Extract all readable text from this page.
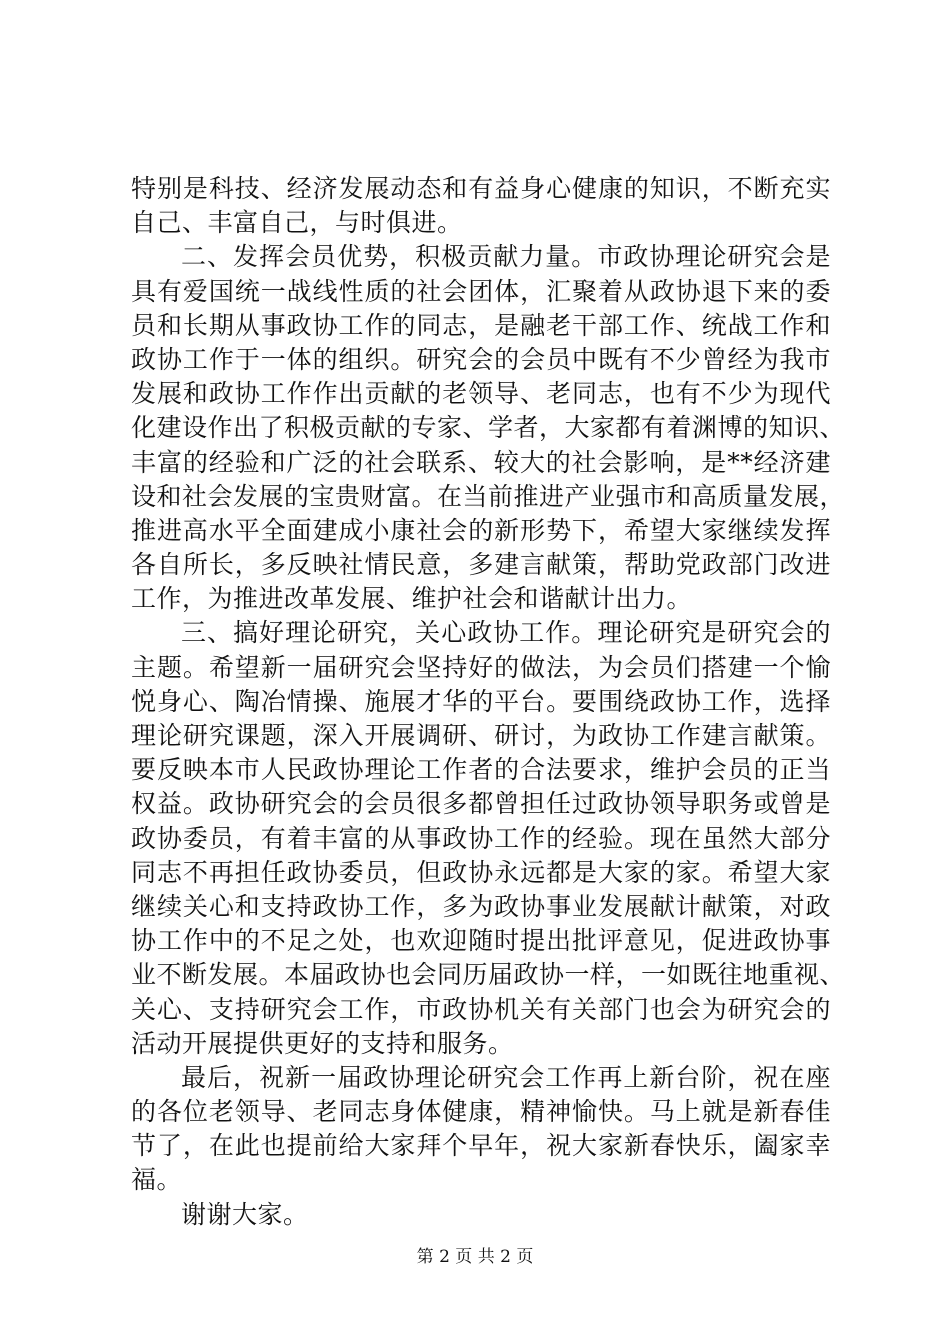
特别是科技、经济发展动态和有益身心健康的知识，不断充实
自己、丰富自己，与时俱进。
二、发挥会员优势，积极贡献力量。市政协理论研究会是
具有爱国统一战线性质的社会团体，汇聚着从政协退下来的委
员和长期从事政协工作的同志，是融老干部工作、统战工作和
政协工作于一体的组织。研究会的会员中既有不少曾经为我市
发展和政协工作作出贡献的老领导、老同志，也有不少为现代
化建设作出了积极贡献的专家、学者，大家都有着渊博的知识、
丰富的经验和广泛的社会联系、较大的社会影响，是**经济建
设和社会发展的宝贵财富。在当前推进产业强市和高质量发展，
推进高水平全面建成小康社会的新形势下，希望大家继续发挥
各自所长，多反映社情民意，多建言献策，帮助党政部门改进
工作，为推进改革发展、维护社会和谐献计出力。
三、搞好理论研究，关心政协工作。理论研究是研究会的
主题。希望新一届研究会坚持好的做法，为会员们搭建一个愉
悦身心、陶冶情操、施展才华的平台。要围绕政协工作，选择
理论研究课题，深入开展调研、研讨，为政协工作建言献策。
要反映本市人民政协理论工作者的合法要求，维护会员的正当
权益。政协研究会的会员很多都曾担任过政协领导职务或曾是
政协委员，有着丰富的从事政协工作的经验。现在虽然大部分
同志不再担任政协委员，但政协永远都是大家的家。希望大家
继续关心和支持政协工作，多为政协事业发展献计献策，对政
协工作中的不足之处，也欢迎随时提出批评意见，促进政协事
业不断发展。本届政协也会同历届政协一样，一如既往地重视、
关心、支持研究会工作，市政协机关有关部门也会为研究会的
活动开展提供更好的支持和服务。
最后，祝新一届政协理论研究会工作再上新台阶，祝在座
的各位老领导、老同志身体健康，精神愉快。马上就是新春佳
节了，在此也提前给大家拜个早年，祝大家新春快乐，阖家幸
福。
谢谢大家。
第 2 页 共 2 页
